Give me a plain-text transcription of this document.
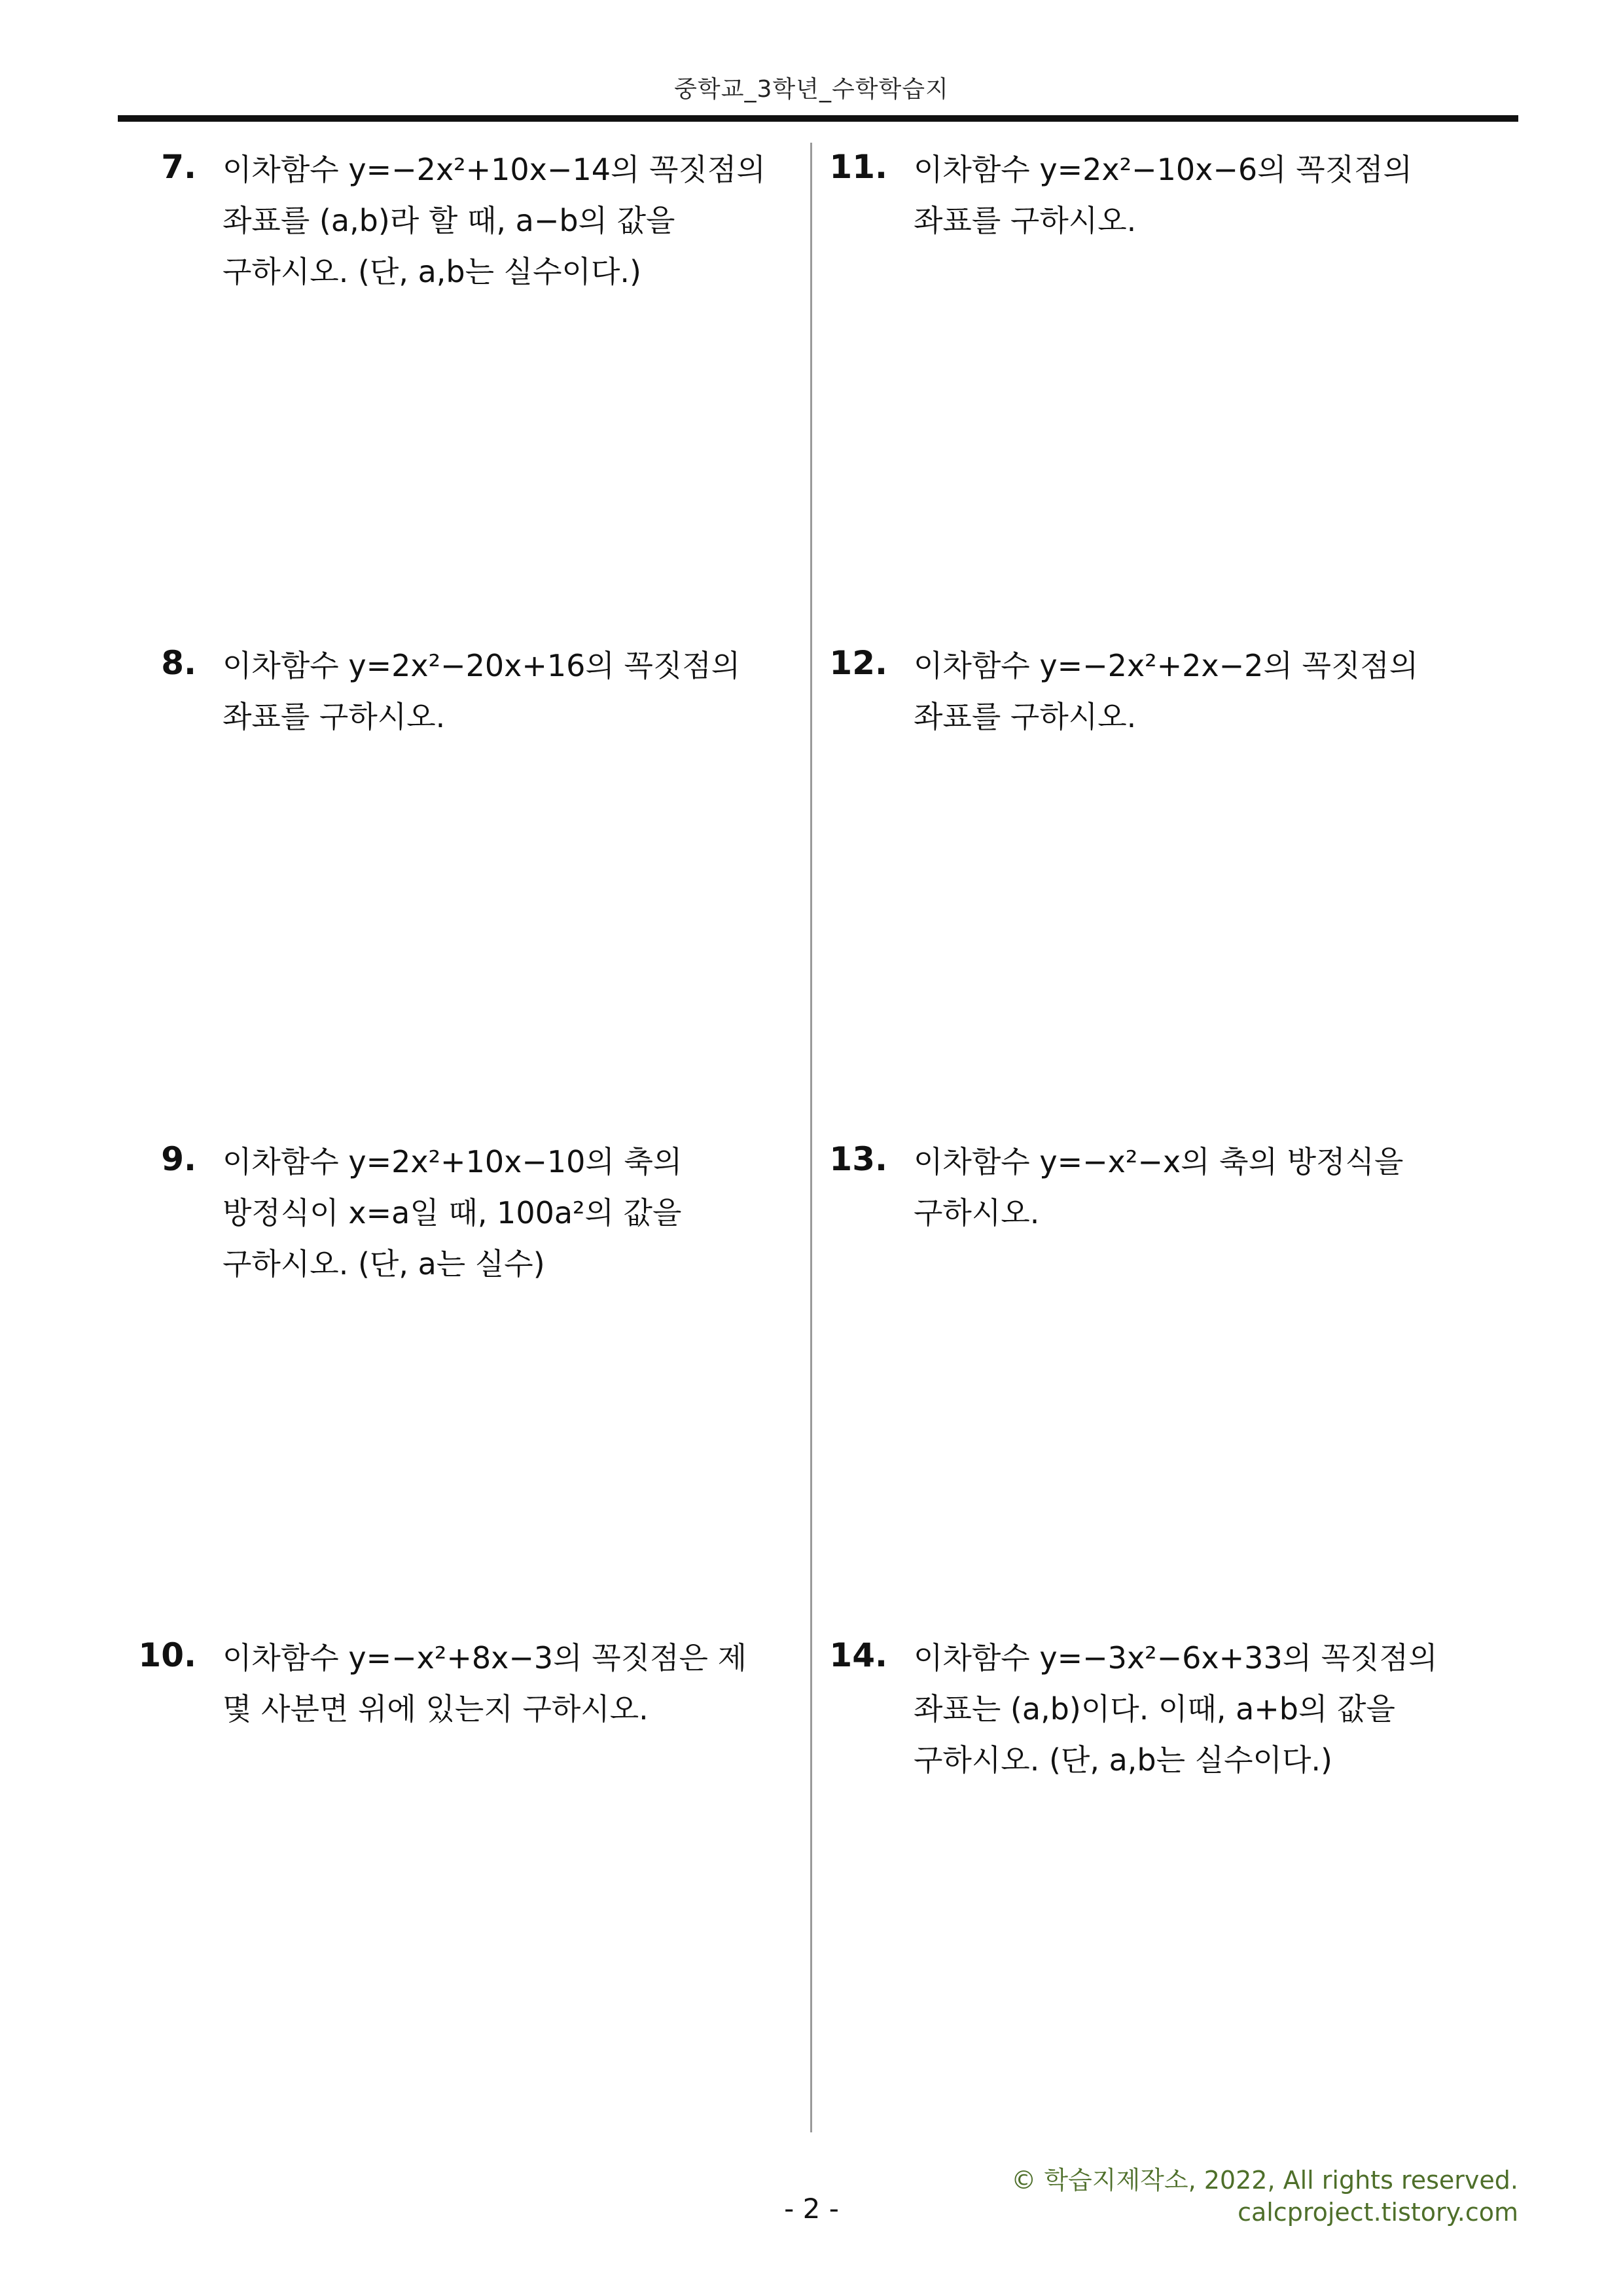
중학교_3학년_수학학습지
7. 이차함수 y=−2x²+10x−14의 꼭짓점의
좌표를 (a,b)라 할 때, a−b의 값을
구하시오. (단, a,b는 실수이다.)
8. 이차함수 y=2x²−20x+16의 꼭짓점의
좌표를 구하시오.
9. 이차함수 y=2x²+10x−10의 축의
방정식이 x=a일 때, 100a²의 값을
구하시오. (단, a는 실수)
10. 이차함수 y=−x²+8x−3의 꼭짓점은 제
몇 사분면 위에 있는지 구하시오.
11. 이차함수 y=2x²−10x−6의 꼭짓점의
좌표를 구하시오.
12. 이차함수 y=−2x²+2x−2의 꼭짓점의
좌표를 구하시오.
13. 이차함수 y=−x²−x의 축의 방정식을
구하시오.
14. 이차함수 y=−3x²−6x+33의 꼭짓점의
좌표는 (a,b)이다. 이때, a+b의 값을
구하시오. (단, a,b는 실수이다.)
© 학습지제작소, 2022, All rights reserved.
calcproject.tistory.com
- 2 -
